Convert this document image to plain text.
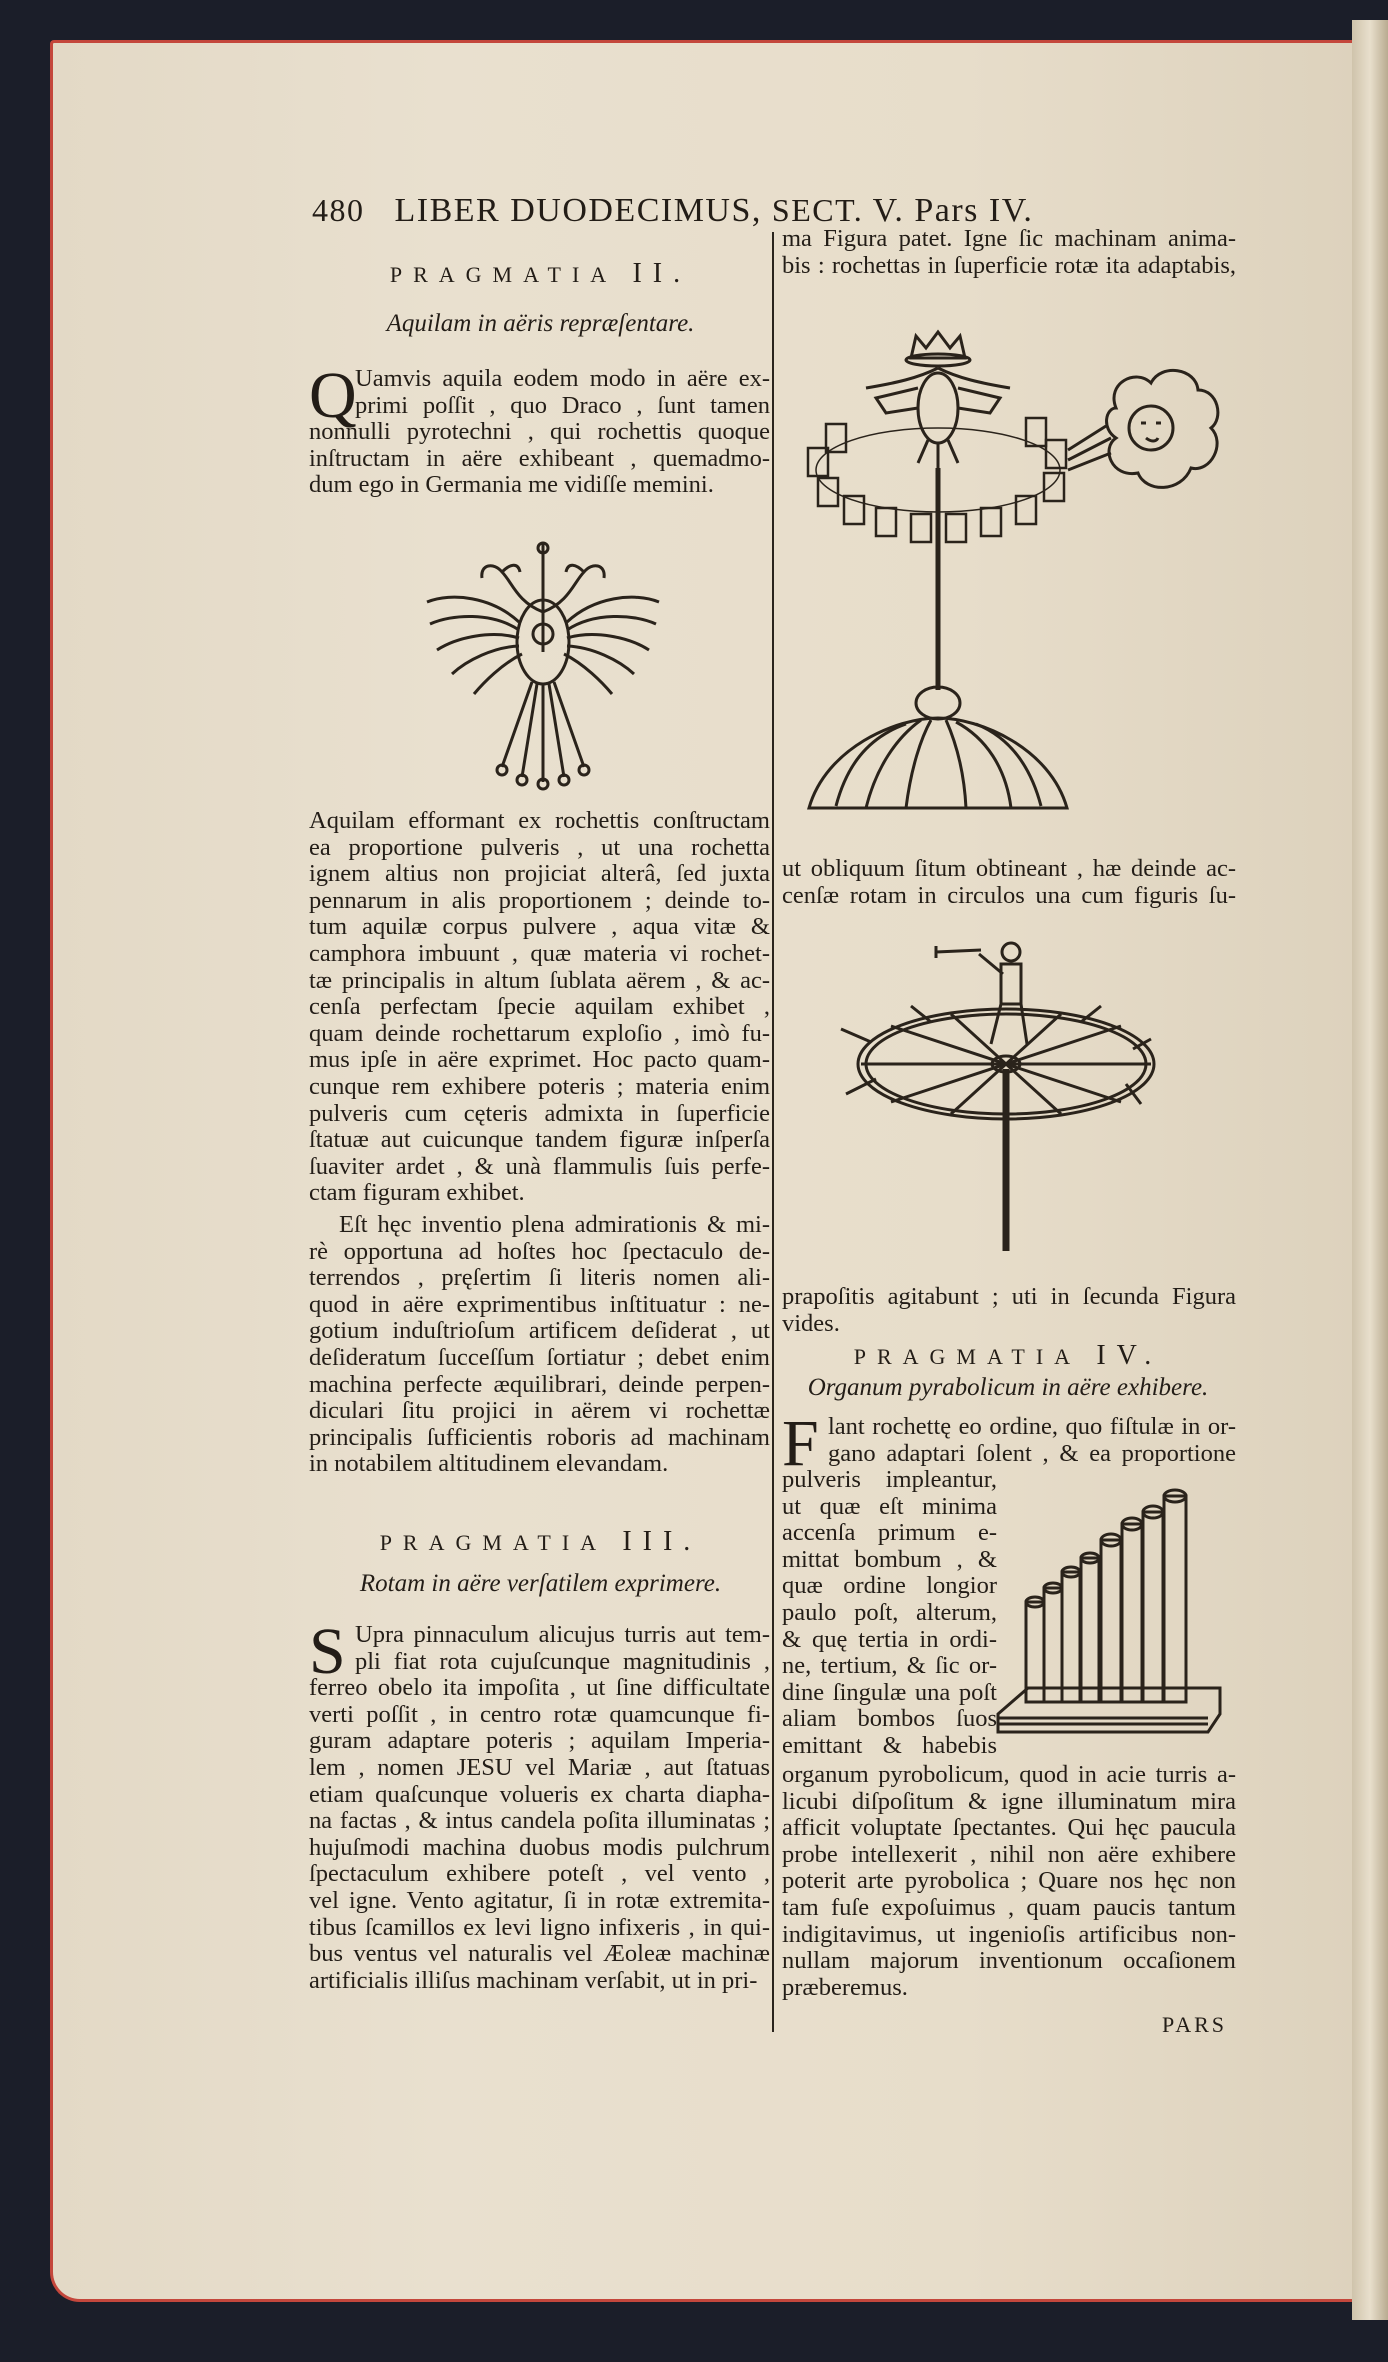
480 LIBER DUODECIMUS, SECT. V. Pars IV.
PRAGMATIA II.
Aquilam in aëris repræſentare.
Q
Uamvis aquila eodem modo in aëre ex-
primi poſſit , quo Draco , ſunt tamen
nonnulli pyrotechni , qui rochettis quoque
inſtructam in aëre exhibeant , quemadmo-
dum ego in Germania me vidiſſe memini.
Aquilam efformant ex rochettis conſtructam
ea proportione pulveris , ut una rochetta
ignem altius non projiciat alterâ, ſed juxta
pennarum in alis proportionem ; deinde to-
tum aquilæ corpus pulvere , aqua vitæ &
camphora imbuunt , quæ materia vi rochet-
tæ principalis in altum ſublata aërem , & ac-
cenſa perfectam ſpecie aquilam exhibet ,
quam deinde rochettarum exploſio , imò fu-
mus ipſe in aëre exprimet. Hoc pacto quam-
cunque rem exhibere poteris ; materia enim
pulveris cum cęteris admixta in ſuperficie
ſtatuæ aut cuicunque tandem figuræ inſperſa
ſuaviter ardet , & unà flammulis ſuis perfe-
ctam figuram exhibet.
Eſt hęc inventio plena admirationis & mi-
rè opportuna ad hoſtes hoc ſpectaculo de-
terrendos , pręſertim ſi literis nomen ali-
quod in aëre exprimentibus inſtituatur : ne-
gotium induſtrioſum artificem deſiderat , ut
deſideratum ſucceſſum ſortiatur ; debet enim
machina perfecte æquilibrari, deinde perpen-
diculari ſitu projici in aërem vi rochettæ
principalis ſufficientis roboris ad machinam
in notabilem altitudinem elevandam.
PRAGMATIA III.
Rotam in aëre verſatilem exprimere.
S Upra pinnaculum alicujus turris aut tem-
pli fiat rota cujuſcunque magnitudinis ,
ferreo obelo ita impoſita , ut ſine difficultate
verti poſſit , in centro rotæ quamcunque fi-
guram adaptare poteris ; aquilam Imperia-
lem , nomen JESU vel Mariæ , aut ſtatuas
etiam quaſcunque volueris ex charta diapha-
na factas , & intus candela poſita illuminatas ;
hujuſmodi machina duobus modis pulchrum
ſpectaculum exhibere poteſt , vel vento ,
vel igne. Vento agitatur, ſi in rotæ extremita-
tibus ſcamillos ex levi ligno infixeris , in qui-
bus ventus vel naturalis vel Æoleæ machinæ
artificialis illiſus machinam verſabit, ut in pri-
ma Figura patet. Igne ſic machinam anima-
bis : rochettas in ſuperficie rotæ ita adaptabis,
ut obliquum ſitum obtineant , hæ deinde ac-
cenſæ rotam in circulos una cum figuris ſu-
prapoſitis agitabunt ; uti in ſecunda Figura
vides.
PRAGMATIA IV.
Organum pyrabolicum in aëre exhibere.
F lant rochettę eo ordine, quo fiſtulæ in or-
gano adaptari ſolent , & ea proportione
pulveris impleantur,
ut quæ eſt minima
accenſa primum e-
mittat bombum , &
quæ ordine longior
paulo poſt, alterum,
& quę tertia in ordi-
ne, tertium, & ſic or-
dine ſingulæ una poſt
aliam bombos ſuos
emittant & habebis
organum pyrobolicum, quod in acie turris a-
licubi diſpoſitum & igne illuminatum mira
afficit voluptate ſpectantes. Qui hęc paucula
probe intellexerit , nihil non aëre exhibere
poterit arte pyrobolica ; Quare nos hęc non
tam fuſe expoſuimus , quam paucis tantum
indigitavimus, ut ingenioſis artificibus non-
nullam majorum inventionum occaſionem
præberemus.
PARS
